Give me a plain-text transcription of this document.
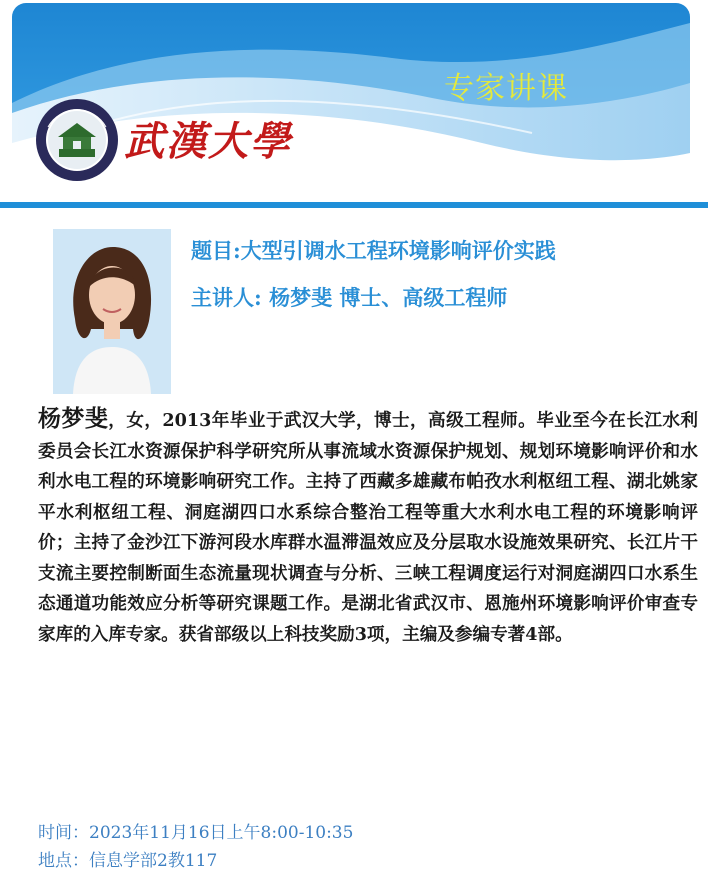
专家讲课
武漢大學
题目:大型引调水工程环境影响评价实践
主讲人: 杨梦斐 博士、高级工程师
杨梦斐，女，2013年毕业于武汉大学，博士，高级工程师。毕业至今在长江水利委员会长江水资源保护科学研究所从事流域水资源保护规划、规划环境影响评价和水利水电工程的环境影响研究工作。主持了西藏多雄藏布帕孜水利枢纽工程、湖北姚家平水利枢纽工程、洞庭湖四口水系综合整治工程等重大水利水电工程的环境影响评价；主持了金沙江下游河段水库群水温滞温效应及分层取水设施效果研究、长江片干支流主要控制断面生态流量现状调查与分析、三峡工程调度运行对洞庭湖四口水系生态通道功能效应分析等研究课题工作。是湖北省武汉市、恩施州环境影响评价审查专家库的入库专家。获省部级以上科技奖励3项，主编及参编专著4部。
时间：2023年11月16日上午8:00-10:35
地点：信息学部2教117
